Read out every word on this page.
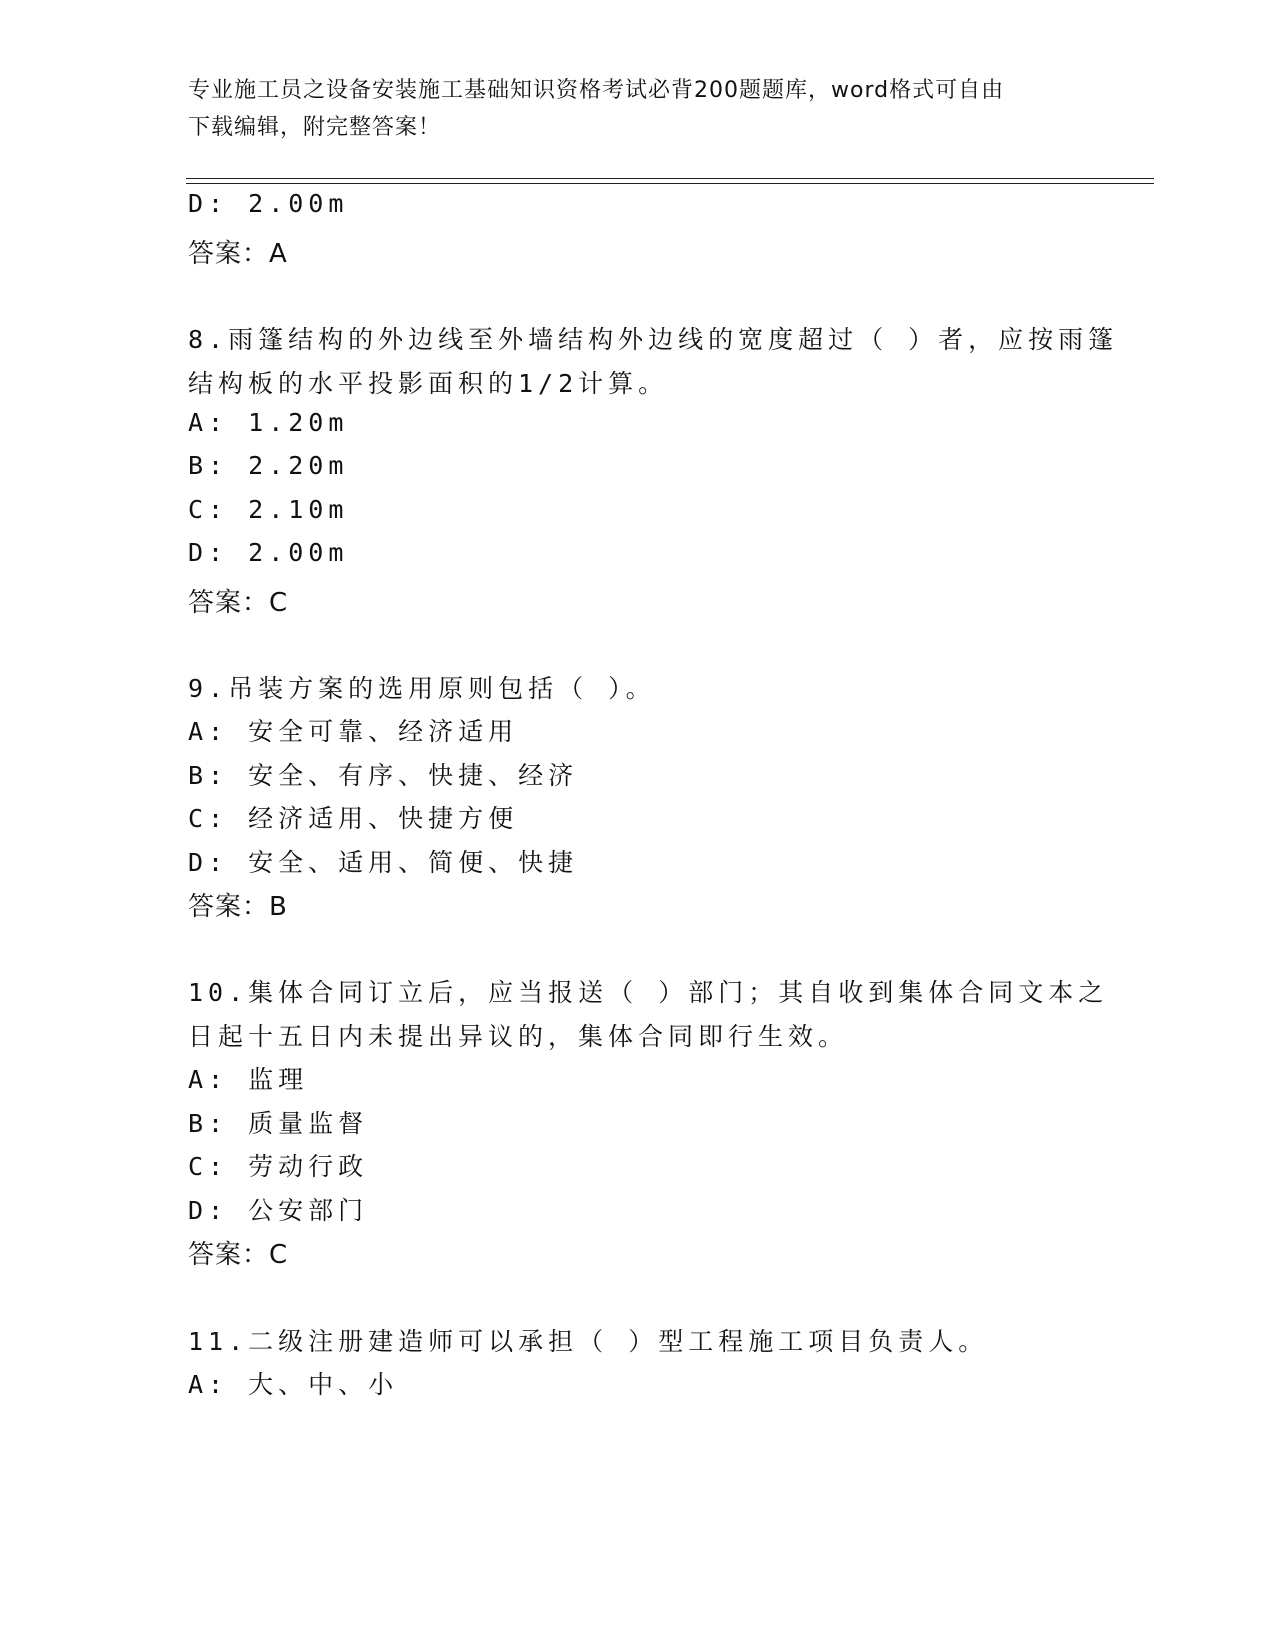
专业施工员之设备安装施工基础知识资格考试必背200题题库，word格式可自由
下载编辑，附完整答案！
D: 2.00m
答案：A
8.雨篷结构的外边线至外墙结构外边线的宽度超过（ ）者，应按雨篷
结构板的水平投影面积的1/2计算。
A: 1.20m
B: 2.20m
C: 2.10m
D: 2.00m
答案：C
9.吊装方案的选用原则包括（ ）。
A: 安全可靠、经济适用
B: 安全、有序、快捷、经济
C: 经济适用、快捷方便
D: 安全、适用、简便、快捷
答案：B
10.集体合同订立后，应当报送（ ）部门；其自收到集体合同文本之
日起十五日内未提出异议的，集体合同即行生效。
A: 监理
B: 质量监督
C: 劳动行政
D: 公安部门
答案：C
11.二级注册建造师可以承担（ ）型工程施工项目负责人。
A: 大、中、小
